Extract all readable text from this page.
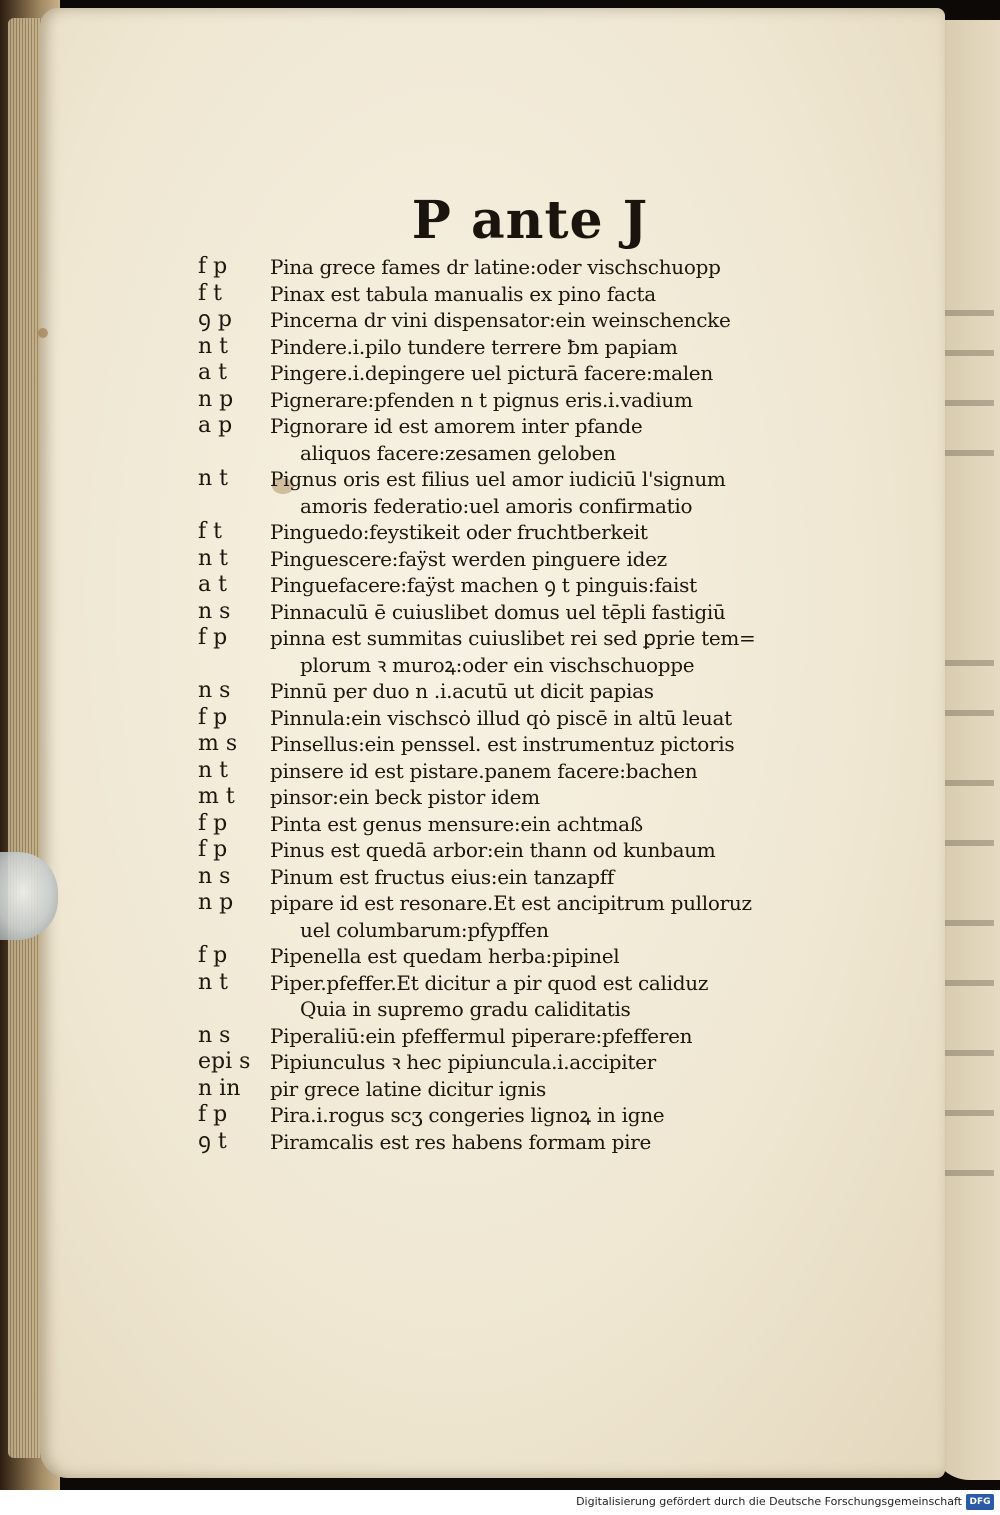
P ante J
f p	Pina grece fames dr latine:oder vischschuopp
f t	Pinax est tabula manualis ex pino facta
ꝯ p	Pincerna dr vini dispensator:ein weinschencke
n t	Pindere.i.pilo tundere terrere ƀm papiam
a t	Pingere.i.depingere uel picturā facere:malen
n p	Pignerare:pfenden n t pignus eris.i.vadium
a p	Pignorare id est amorem inter pfande
aliquos facere:zesamen geloben
n t	Pignus oris est filius uel amor iudiciū l'signum
amoris federatio:uel amoris confirmatio
f t	Pinguedo:feystikeit oder fruchtberkeit
n t	Pinguescere:faÿst werden pinguere idez
a t	Pinguefacere:faÿst machen ꝯ t pinguis:faist
n s	Pinnaculū ē cuiuslibet domus uel tēpli fastigiū
f p	pinna est summitas cuiuslibet rei sed ꝑprie tem=
plorum ꝛ muroꝝ:oder ein vischschuoppe
n s	Pinnū per duo n .i.acutū ut dicit papias
f p	Pinnula:ein vischscȯ illud qȯ piscē in altū leuat
m s	Pinsellus:ein penssel. est instrumentuz pictoris
n t	pinsere id est pistare.panem facere:bachen
m t	pinsor:ein beck pistor idem
f p	Pinta est genus mensure:ein achtmaß
f p	Pinus est quedā arbor:ein thann od kunbaum
n s	Pinum est fructus eius:ein tanzapff
n p	pipare id est resonare.Et est ancipitrum pulloruz
uel columbarum:pfypffen
f p	Pipenella est quedam herba:pipinel
n t	Piper.pfeffer.Et dicitur a pir quod est caliduz
Quia in supremo gradu caliditatis
n s	Piperaliū:ein pfeffermul piperare:pfefferen
epi s Pipiunculus ꝛ hec pipiuncula.i.accipiter
n in	pir grece latine dicitur ignis
f p	Pira.i.rogus scʒ congeries lignoꝝ in igne
ꝯ t	Piramcalis est res habens formam pire
Digitalisierung gefördert durch die Deutsche Forschungsgemeinschaft DFG
